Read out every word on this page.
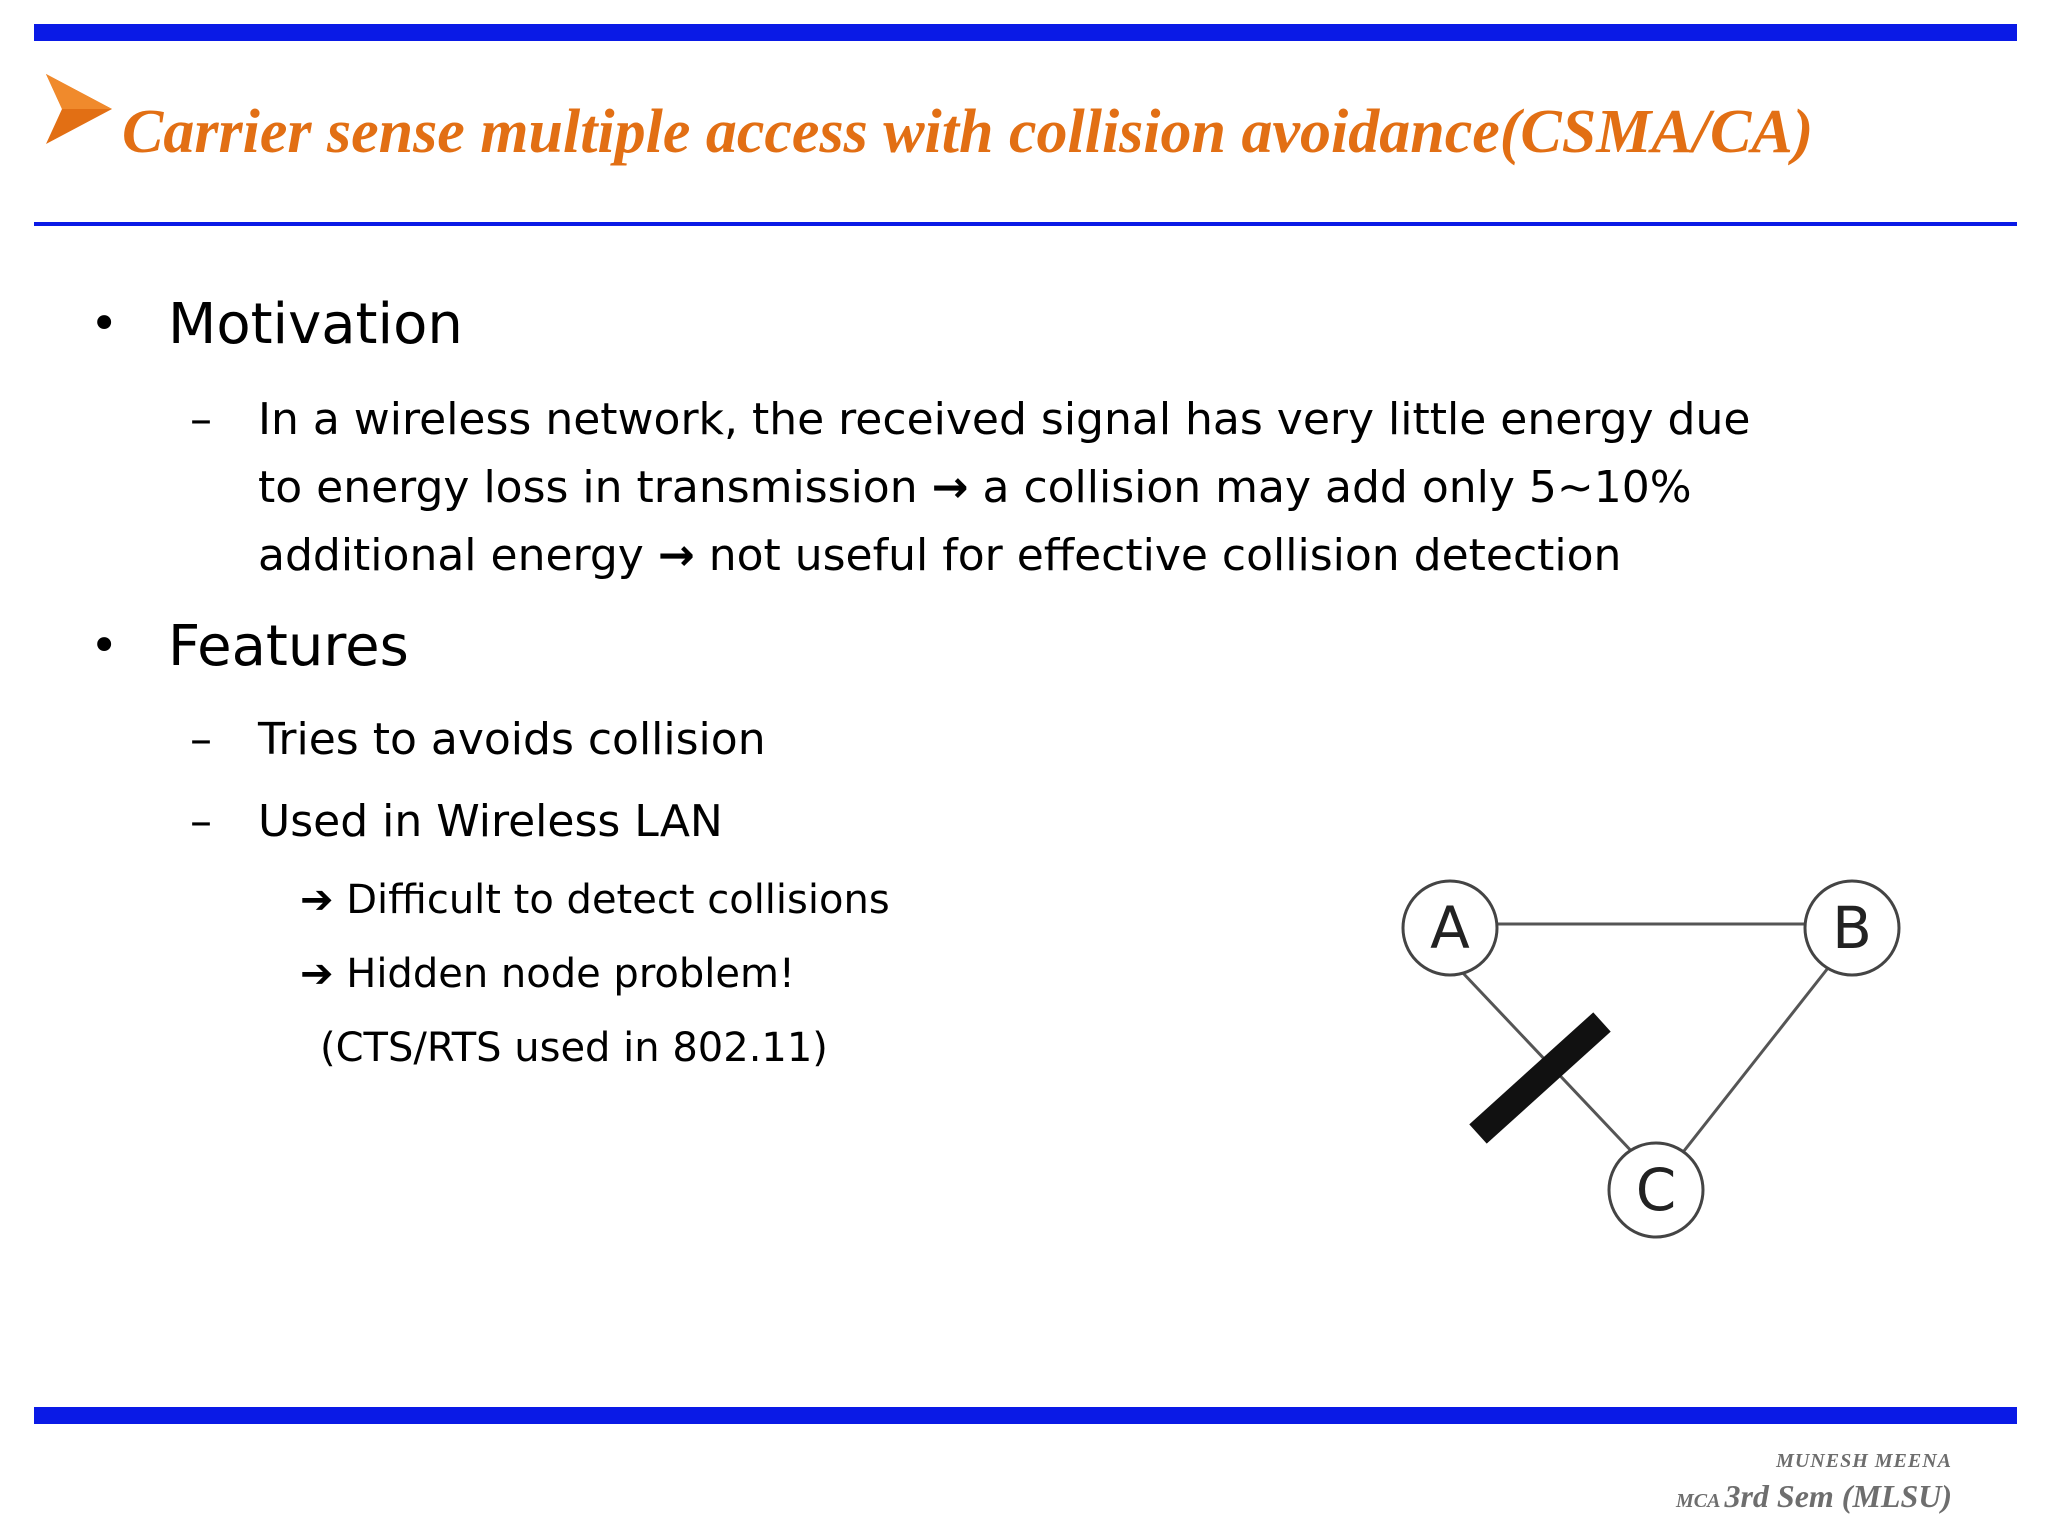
Carrier sense multiple access with collision avoidance(CSMA/CA)
• Motivation
– In a wireless network, the received signal has very little energy due
to energy loss in transmission → a collision may add only 5~10%
additional energy → not useful for effective collision detection
• Features
– Tries to avoids collision
– Used in Wireless LAN
➔ Difficult to detect collisions
➔ Hidden node problem!
(CTS/RTS used in 802.11)
A	B
C
MUNESH MEENA
MCA 3rd Sem (MLSU)
